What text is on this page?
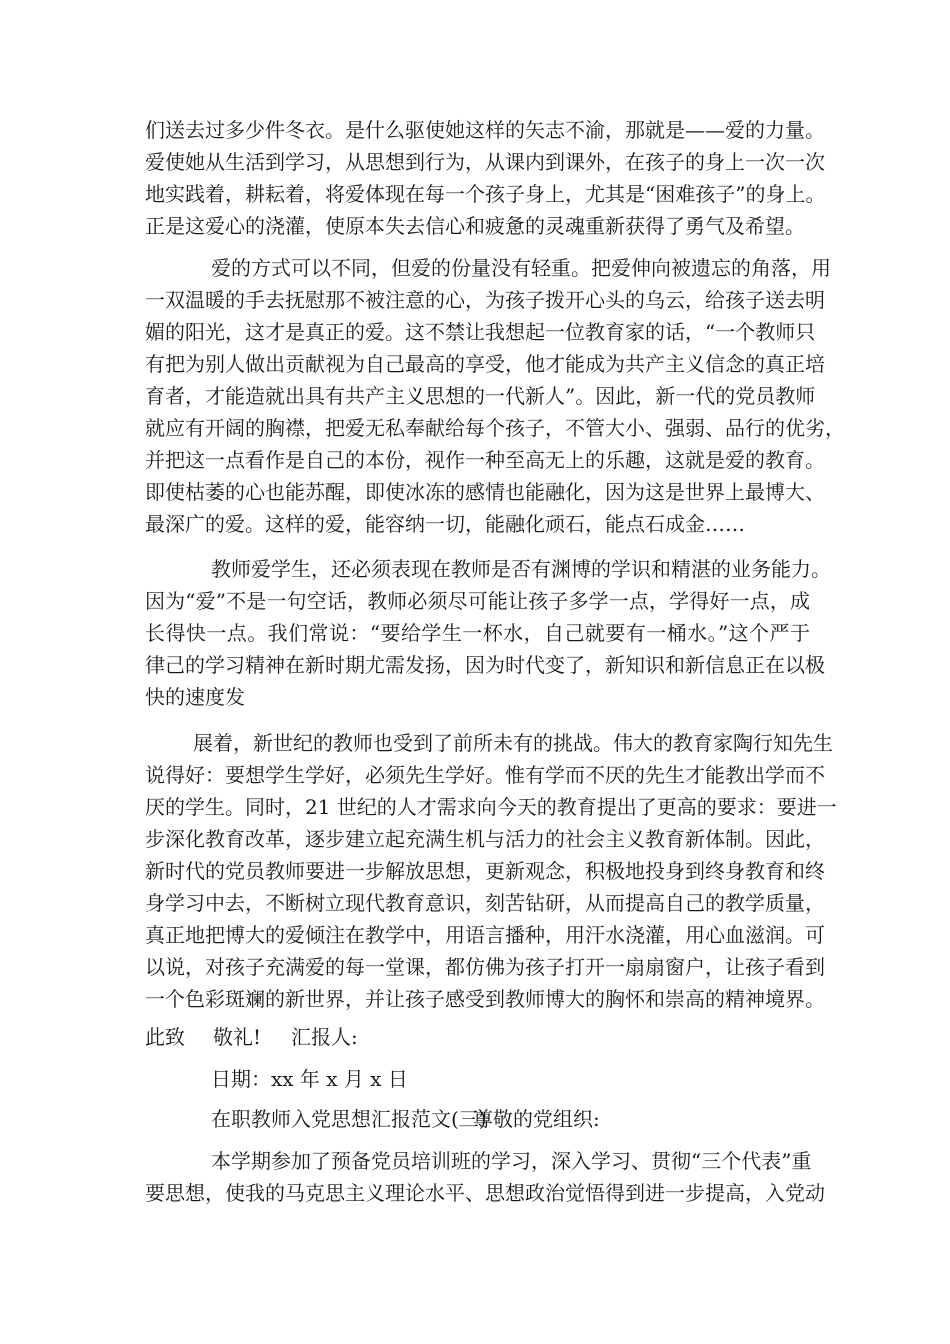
们送去过多少件冬衣。是什么驱使她这样的矢志不渝，那就是——爱的力量。
爱使她从生活到学习，从思想到行为，从课内到课外，在孩子的身上一次一次
地实践着，耕耘着，将爱体现在每一个孩子身上，尤其是“困难孩子”的身上。
正是这爱心的浇灌，使原本失去信心和疲惫的灵魂重新获得了勇气及希望。
爱的方式可以不同，但爱的份量没有轻重。把爱伸向被遗忘的角落，用
一双温暖的手去抚慰那不被注意的心，为孩子拨开心头的乌云，给孩子送去明
媚的阳光，这才是真正的爱。这不禁让我想起一位教育家的话，“一个教师只
有把为别人做出贡献视为自己最高的享受，他才能成为共产主义信念的真正培
育者，才能造就出具有共产主义思想的一代新人”。因此，新一代的党员教师
就应有开阔的胸襟，把爱无私奉献给每个孩子，不管大小、强弱、品行的优劣，
并把这一点看作是自己的本份，视作一种至高无上的乐趣，这就是爱的教育。
即使枯萎的心也能苏醒，即使冰冻的感情也能融化，因为这是世界上最博大、
最深广的爱。这样的爱，能容纳一切，能融化顽石，能点石成金……
教师爱学生，还必须表现在教师是否有渊博的学识和精湛的业务能力。
因为“爱”不是一句空话，教师必须尽可能让孩子多学一点，学得好一点，成
长得快一点。我们常说：“要给学生一杯水，自己就要有一桶水。”这个严于
律己的学习精神在新时期尤需发扬，因为时代变了，新知识和新信息正在以极
快的速度发
展着，新世纪的教师也受到了前所未有的挑战。伟大的教育家陶行知先生
说得好：要想学生学好，必须先生学好。惟有学而不厌的先生才能教出学而不
厌的学生。同时，21 世纪的人才需求向今天的教育提出了更高的要求：要进一
步深化教育改革，逐步建立起充满生机与活力的社会主义教育新体制。因此，
新时代的党员教师要进一步解放思想，更新观念，积极地投身到终身教育和终
身学习中去，不断树立现代教育意识，刻苦钻研，从而提高自己的教学质量，
真正地把博大的爱倾注在教学中，用语言播种，用汗水浇灌，用心血滋润。可
以说，对孩子充满爱的每一堂课，都仿佛为孩子打开一扇扇窗户，让孩子看到
一个色彩斑斓的新世界，并让孩子感受到教师博大的胸怀和崇高的精神境界。
此致 敬礼! 汇报人:
日期：xx 年 x 月 x 日
在职教师入党思想汇报范文(三)尊敬的党组织:
本学期参加了预备党员培训班的学习，深入学习、贯彻“三个代表”重
要思想，使我的马克思主义理论水平、思想政治觉悟得到进一步提高，入党动
